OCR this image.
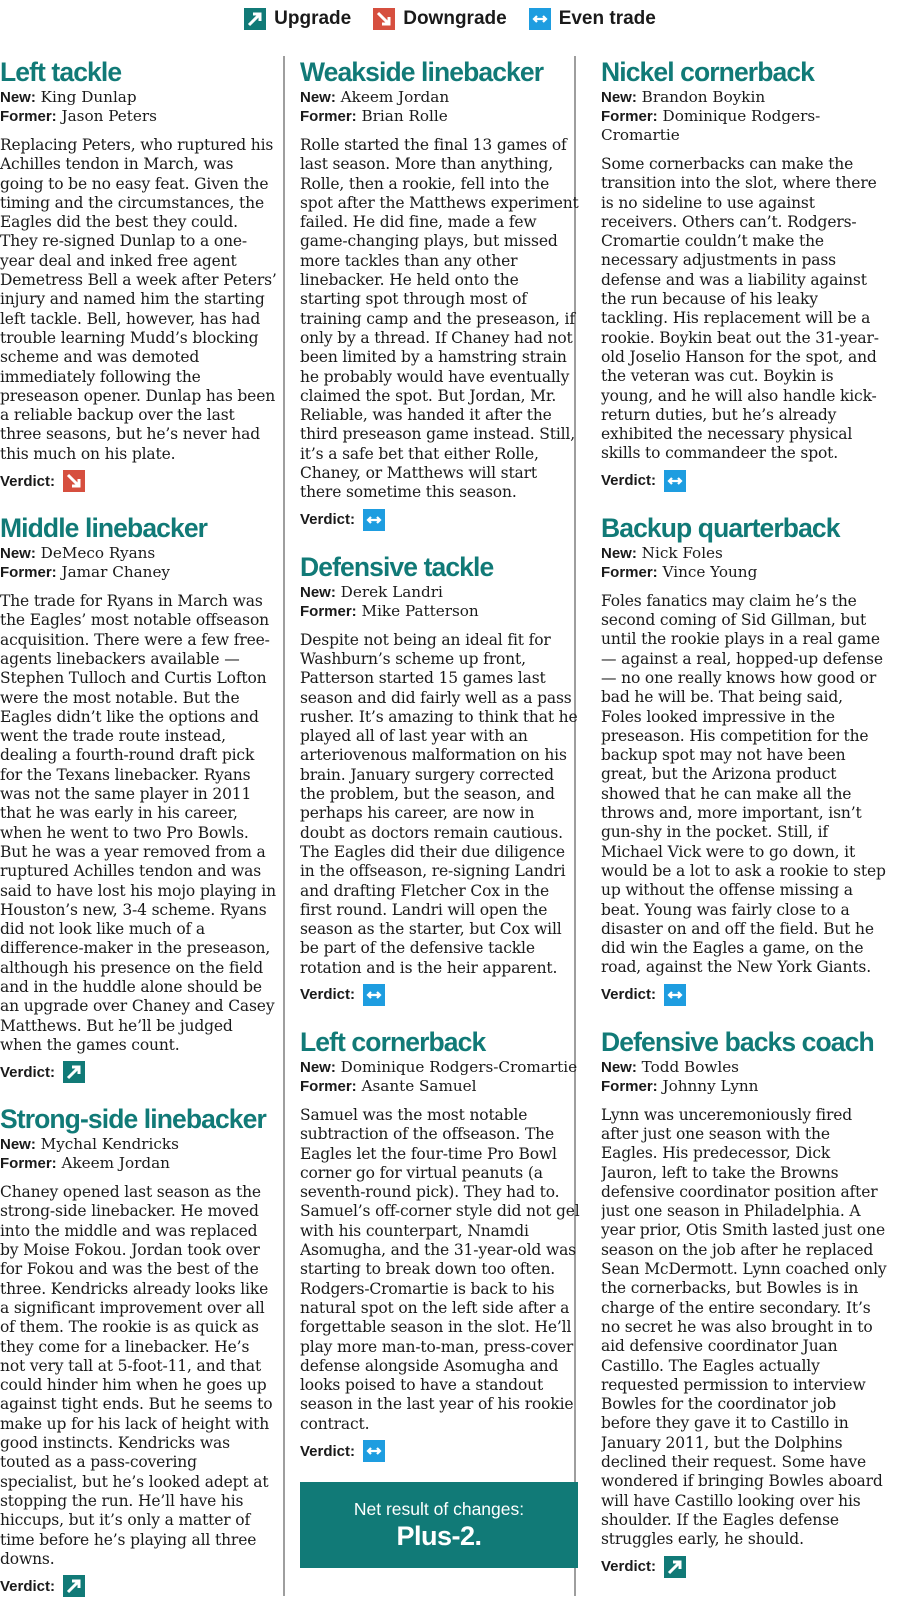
Upgrade	Downgrade	Even trade
Left tackle
New: King Dunlap
Former: Jason Peters

Replacing Peters, who ruptured his Achilles tendon in March, was going to be no easy feat. Given the timing and the circumstances, the Eagles did the best they could. They re-signed Dunlap to a one-year deal and inked free agent Demetress Bell a week after Peters’ injury and named him the starting left tackle. Bell, however, has had trouble learning Mudd’s blocking scheme and was demoted immediately following the preseason opener. Dunlap has been a reliable backup over the last three seasons, but he’s never had this much on his plate.

Verdict:
Middle linebacker
New: DeMeco Ryans
Former: Jamar Chaney

The trade for Ryans in March was the Eagles’ most notable offseason acquisition. There were a few free-agents linebackers available — Stephen Tulloch and Curtis Lofton were the most notable. But the Eagles didn’t like the options and went the trade route instead, dealing a fourth-round draft pick for the Texans linebacker. Ryans was not the same player in 2011 that he was early in his career, when he went to two Pro Bowls. But he was a year removed from a ruptured Achilles tendon and was said to have lost his mojo playing in Houston’s new, 3-4 scheme. Ryans did not look like much of a difference-maker in the preseason, although his presence on the field and in the huddle alone should be an upgrade over Chaney and Casey Matthews. But he’ll be judged when the games count.

Verdict:
Strong-side linebacker
New: Mychal Kendricks
Former: Akeem Jordan

Chaney opened last season as the strong-side linebacker. He moved into the middle and was replaced by Moise Fokou. Jordan took over for Fokou and was the best of the three. Kendricks already looks like a significant improvement over all of them. The rookie is as quick as they come for a linebacker. He’s not very tall at 5-foot-11, and that could hinder him when he goes up against tight ends. But he seems to make up for his lack of height with good instincts. Kendricks was touted as a pass-covering specialist, but he’s looked adept at stopping the run. He’ll have his hiccups, but it’s only a matter of time before he’s playing all three downs.

Verdict:
Weakside linebacker
New: Akeem Jordan
Former: Brian Rolle

Rolle started the final 13 games of last season. More than anything, Rolle, then a rookie, fell into the spot after the Matthews experiment failed. He did fine, made a few game-changing plays, but missed more tackles than any other linebacker. He held onto the starting spot through most of training camp and the preseason, if only by a thread. If Chaney had not been limited by a hamstring strain he probably would have eventually claimed the spot. But Jordan, Mr. Reliable, was handed it after the third preseason game instead. Still, it’s a safe bet that either Rolle, Chaney, or Matthews will start there sometime this season.

Verdict:
Defensive tackle
New: Derek Landri
Former: Mike Patterson

Despite not being an ideal fit for Washburn’s scheme up front, Patterson started 15 games last season and did fairly well as a pass rusher. It’s amazing to think that he played all of last year with an arteriovenous malformation on his brain. January surgery corrected the problem, but the season, and perhaps his career, are now in doubt as doctors remain cautious. The Eagles did their due diligence in the offseason, re-signing Landri and drafting Fletcher Cox in the first round. Landri will open the season as the starter, but Cox will be part of the defensive tackle rotation and is the heir apparent.

Verdict:
Left cornerback
New: Dominique Rodgers-Cromartie
Former: Asante Samuel

Samuel was the most notable subtraction of the offseason. The Eagles let the four-time Pro Bowl corner go for virtual peanuts (a seventh-round pick). They had to. Samuel’s off-corner style did not gel with his counterpart, Nnamdi Asomugha, and the 31-year-old was starting to break down too often. Rodgers-Cromartie is back to his natural spot on the left side after a forgettable season in the slot. He’ll play more man-to-man, press-cover defense alongside Asomugha and looks poised to have a standout season in the last year of his rookie contract.

Verdict:
Net result of changes:
Plus-2.
Nickel cornerback
New: Brandon Boykin
Former: Dominique Rodgers-Cromartie

Some cornerbacks can make the transition into the slot, where there is no sideline to use against receivers. Others can’t. Rodgers-Cromartie couldn’t make the necessary adjustments in pass defense and was a liability against the run because of his leaky tackling. His replacement will be a rookie. Boykin beat out the 31-year-old Joselio Hanson for the spot, and the veteran was cut. Boykin is young, and he will also handle kick-return duties, but he’s already exhibited the necessary physical skills to commandeer the spot.

Verdict:
Backup quarterback
New: Nick Foles
Former: Vince Young

Foles fanatics may claim he’s the second coming of Sid Gillman, but until the rookie plays in a real game — against a real, hopped-up defense — no one really knows how good or bad he will be. That being said, Foles looked impressive in the preseason. His competition for the backup spot may not have been great, but the Arizona product showed that he can make all the throws and, more important, isn’t gun-shy in the pocket. Still, if Michael Vick were to go down, it would be a lot to ask a rookie to step up without the offense missing a beat. Young was fairly close to a disaster on and off the field. But he did win the Eagles a game, on the road, against the New York Giants.

Verdict:
Defensive backs coach
New: Todd Bowles
Former: Johnny Lynn

Lynn was unceremoniously fired after just one season with the Eagles. His predecessor, Dick Jauron, left to take the Browns defensive coordinator position after just one season in Philadelphia. A year prior, Otis Smith lasted just one season on the job after he replaced Sean McDermott. Lynn coached only the cornerbacks, but Bowles is in charge of the entire secondary. It’s no secret he was also brought in to aid defensive coordinator Juan Castillo. The Eagles actually requested permission to interview Bowles for the coordinator job before they gave it to Castillo in January 2011, but the Dolphins declined their request. Some have wondered if bringing Bowles aboard will have Castillo looking over his shoulder. If the Eagles defense struggles early, he should.

Verdict:
